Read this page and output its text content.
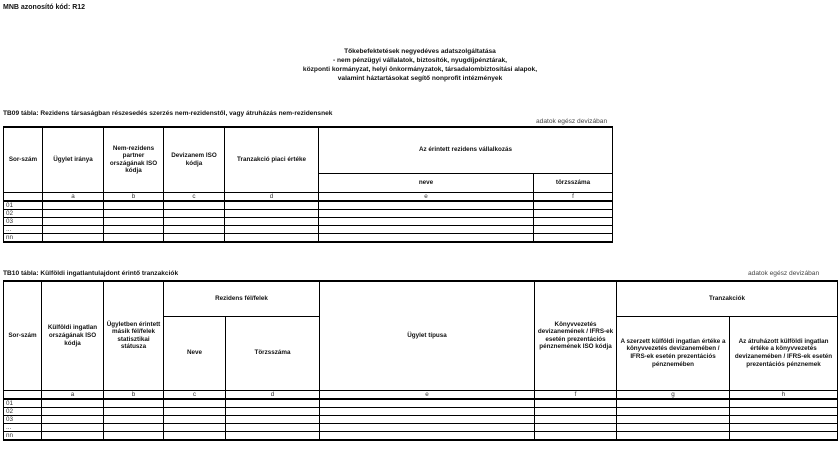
MNB azonosító kód: R12
Tőkebefektetések negyedéves adatszolgáltatása
- nem pénzügyi vállalatok, biztosítók, nyugdíjpénztárak,
központi kormányzat, helyi önkormányzatok, társadalombiztosítási alapok,
valamint háztartásokat segítő nonprofit intézmények
TB09 tábla: Rezidens társaságban részesedés szerzés nem-rezidenstől, vagy átruházás nem-rezidensnek
adatok egész devizában
Sor-szám	Ügylet iránya	Nem-rezidens partner országának ISO kódja	Devizanem ISO kódja	Tranzakció piaci értéke	Az érintett rezidens vállalkozás	
					neve	törzsszáma
	a	b	c	d	e	f
01						
02						
03						
...						
nn						
TB10 tábla: Külföldi ingatlantulajdont érintő tranzakciók	adatok egész devizában
Sor-szám	Külföldi ingatlan országának ISO kódja	Ügyletben érintett másik fél/felek statisztikai státusza	Rezidens fél/felek		Ügylet típusa	Könyvvezetés devizanemének / IFRS-ek esetén prezentációs pénznemének ISO kódja	Tranzakciók	
			Neve	Törzsszáma			A szerzett külföldi ingatlan értéke a könyvvezetés devizanemében / IFRS-ek esetén prezentációs pénznemében	Az átruházott külföldi ingatlan értéke a könyvvezetés devizanemében / IFRS-ek esetén prezentációs pénznemek
	a	b	c	d	e	f	g	h
01								
02								
03								
...								
nn								
